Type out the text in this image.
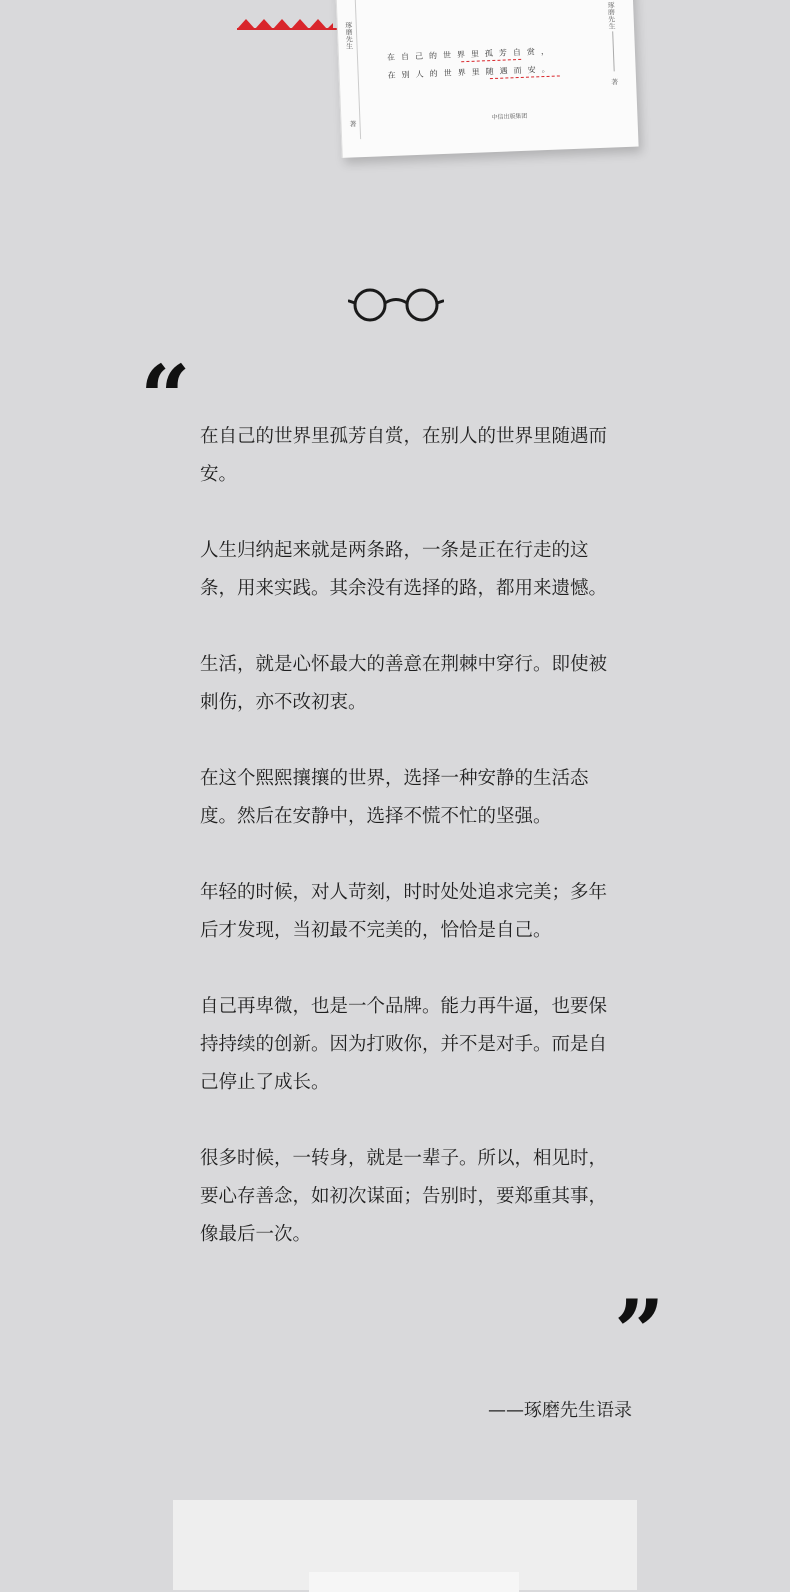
琢磨先生
著
琢磨先生
著
在自己的世界里孤芳自赏，
在别人的世界里随遇而安。
中信出版集团
“ 在自己的世界里孤芳自赏，在别人的世界里随遇而安。

人生归纳起来就是两条路，一条是正在行走的这条，用来实践。其余没有选择的路，都用来遗憾。

生活，就是心怀最大的善意在荆棘中穿行。即使被刺伤，亦不改初衷。

在这个熙熙攘攘的世界，选择一种安静的生活态度。然后在安静中，选择不慌不忙的坚强。

年轻的时候，对人苛刻，时时处处追求完美；多年后才发现，当初最不完美的，恰恰是自己。

自己再卑微，也是一个品牌。能力再牛逼，也要保持持续的创新。因为打败你，并不是对手。而是自己停止了成长。

很多时候，一转身，就是一辈子。所以，相见时，要心存善念，如初次谋面；告别时，要郑重其事，像最后一次。

”
——琢磨先生语录
